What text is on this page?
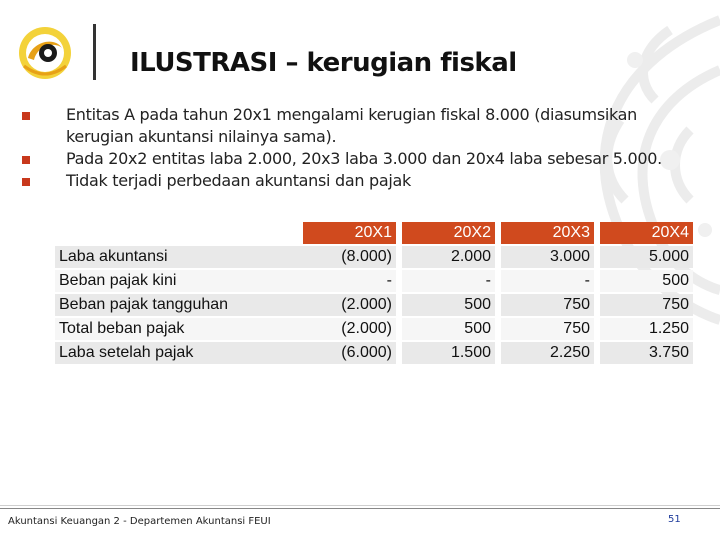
ILUSTRASI – kerugian fiskal
Entitas A pada tahun 20x1 mengalami kerugian fiskal 8.000 (diasumsikan
kerugian akuntansi nilainya sama).
Pada 20x2 entitas laba 2.000, 20x3 laba 3.000 dan 20x4 laba sebesar 5.000.
Tidak terjadi perbedaan akuntansi dan pajak
	20X1		20X2		20X3		20X4
Laba akuntansi	(8.000)		2.000		3.000		5.000
Beban pajak kini	-		-		-		500
Beban pajak tangguhan	(2.000)		500		750		750
Total beban pajak	(2.000)		500		750		1.250
Laba setelah pajak	(6.000)		1.500		2.250		3.750
Akuntansi Keuangan 2 - Departemen Akuntansi FEUI	51
